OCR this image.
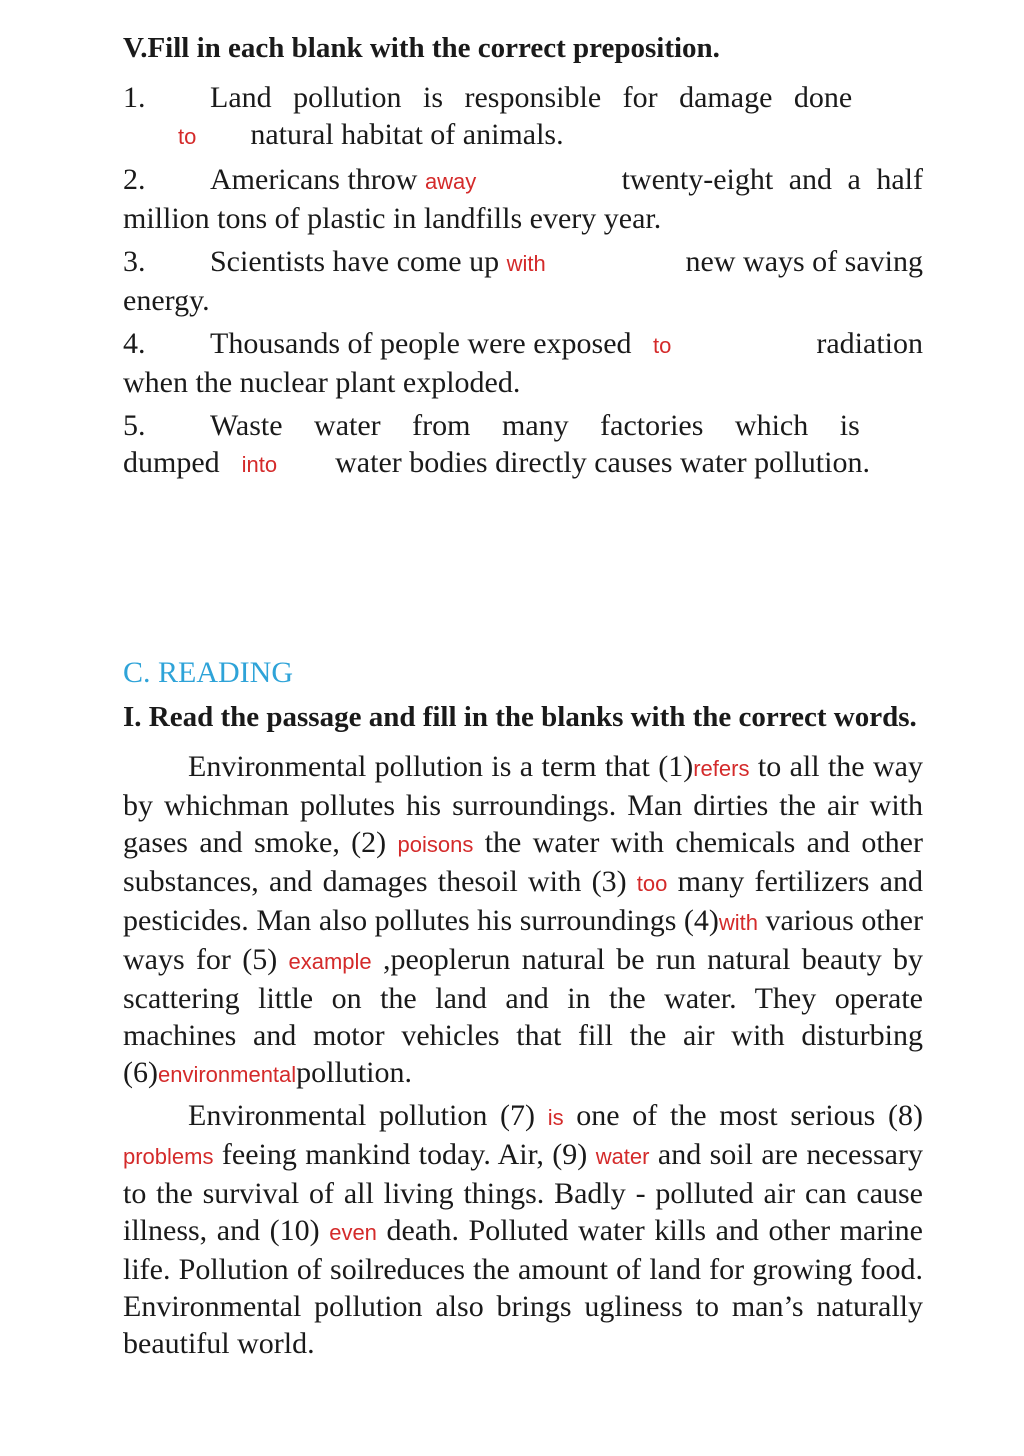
V.Fill in each blank with the correct preposition.

1. Land pollution is responsible for damage done
to natural habitat of animals.
2. Americans throw away	twenty-eight and a half
million tons of plastic in landfills every year.
3. Scientists have come up with	new ways of saving
energy.
4. Thousands of people were exposed to	radiation
when the nuclear plant exploded.
5. Waste water from many factories which is
dumped into water bodies directly causes water pollution.
C. READING

I. Read the passage and fill in the blanks with the correct words.

Environmental pollution is a term that (1)refers to all the way by whichman pollutes his surroundings. Man dirties the air with gases and smoke, (2) poisons the water with chemicals and other substances, and damages thesoil with (3) too many fertilizers and pesticides. Man also pollutes his surroundings (4)with various other ways for (5) example ,peoplerun natural be run natural beauty by scattering little on the land and in the water. They operate machines and motor vehicles that fill the air with disturbing (6)environmentalpollution.

Environmental pollution (7) is one of the most serious (8) problems feeing mankind today. Air, (9) water and soil are necessary to the survival of all living things. Badly - polluted air can cause illness, and (10) even death. Polluted water kills and other marine life. Pollution of soilreduces the amount of land for growing food. Environmental pollution also brings ugliness to man’s naturally beautiful world.
